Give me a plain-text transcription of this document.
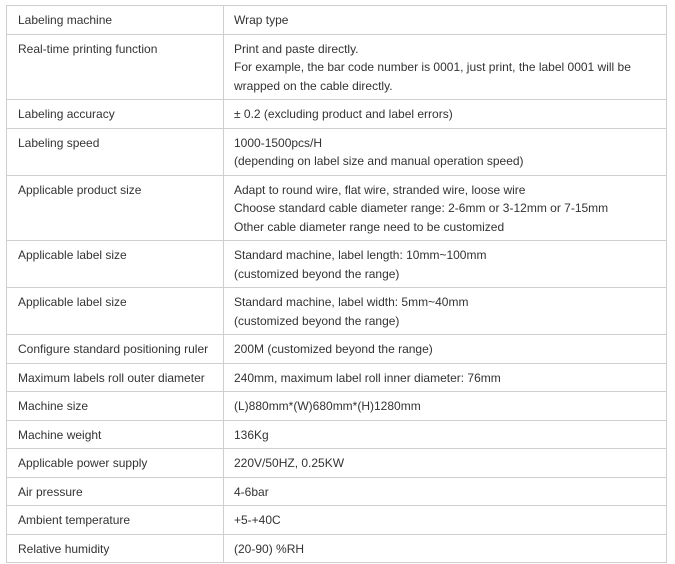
Labeling machine	Wrap type

Real-time printing function	Print and paste directly.
For example, the bar code number is 0001, just print, the label 0001 will be
wrapped on the cable directly.

Labeling accuracy	± 0.2 (excluding product and label errors)

Labeling speed	1000-1500pcs/H
(depending on label size and manual operation speed)

Applicable product size	Adapt to round wire, flat wire, stranded wire, loose wire
Choose standard cable diameter range: 2-6mm or 3-12mm or 7-15mm
Other cable diameter range need to be customized

Applicable label size	Standard machine, label length: 10mm~100mm
(customized beyond the range)

Applicable label size	Standard machine, label width: 5mm~40mm
(customized beyond the range)

Configure standard positioning ruler	200M (customized beyond the range)

Maximum labels roll outer diameter	240mm, maximum label roll inner diameter: 76mm

Machine size	(L)880mm*(W)680mm*(H)1280mm

Machine weight	136Kg

Applicable power supply	220V/50HZ, 0.25KW

Air pressure	4-6bar

Ambient temperature	+5-+40C

Relative humidity	(20-90) %RH
